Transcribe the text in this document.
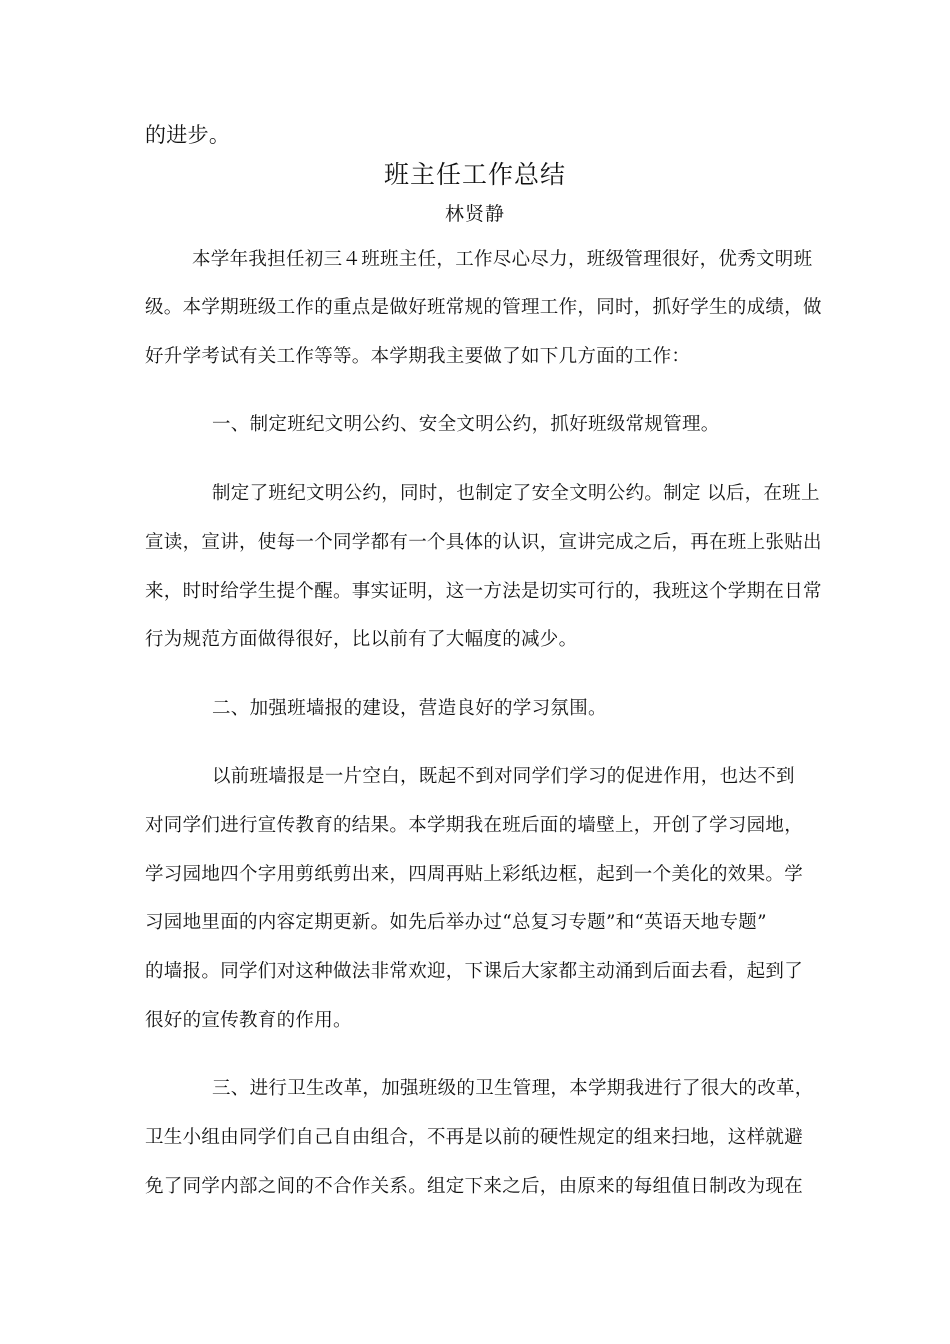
的进步。
班主任工作总结
林贤静
本学年我担任初三４班班主任，工作尽心尽力，班级管理很好，优秀文明班
级。本学期班级工作的重点是做好班常规的管理工作，同时，抓好学生的成绩，做
好升学考试有关工作等等。本学期我主要做了如下几方面的工作：
一、制定班纪文明公约、安全文明公约，抓好班级常规管理。
制定了班纪文明公约，同时，也制定了安全文明公约。制定 以后，在班上
宣读，宣讲，使每一个同学都有一个具体的认识，宣讲完成之后，再在班上张贴出
来，时时给学生提个醒。事实证明，这一方法是切实可行的，我班这个学期在日常
行为规范方面做得很好，比以前有了大幅度的减少。
二、加强班墙报的建设，营造良好的学习氛围。
以前班墙报是一片空白，既起不到对同学们学习的促进作用，也达不到
对同学们进行宣传教育的结果。本学期我在班后面的墙壁上，开创了学习园地，
学习园地四个字用剪纸剪出来，四周再贴上彩纸边框，起到一个美化的效果。学
习园地里面的内容定期更新。如先后举办过“总复习专题”和“英语天地专题”
的墙报。同学们对这种做法非常欢迎，下课后大家都主动涌到后面去看，起到了
很好的宣传教育的作用。
三、进行卫生改革，加强班级的卫生管理，本学期我进行了很大的改革，
卫生小组由同学们自己自由组合，不再是以前的硬性规定的组来扫地，这样就避
免了同学内部之间的不合作关系。组定下来之后，由原来的每组值日制改为现在
